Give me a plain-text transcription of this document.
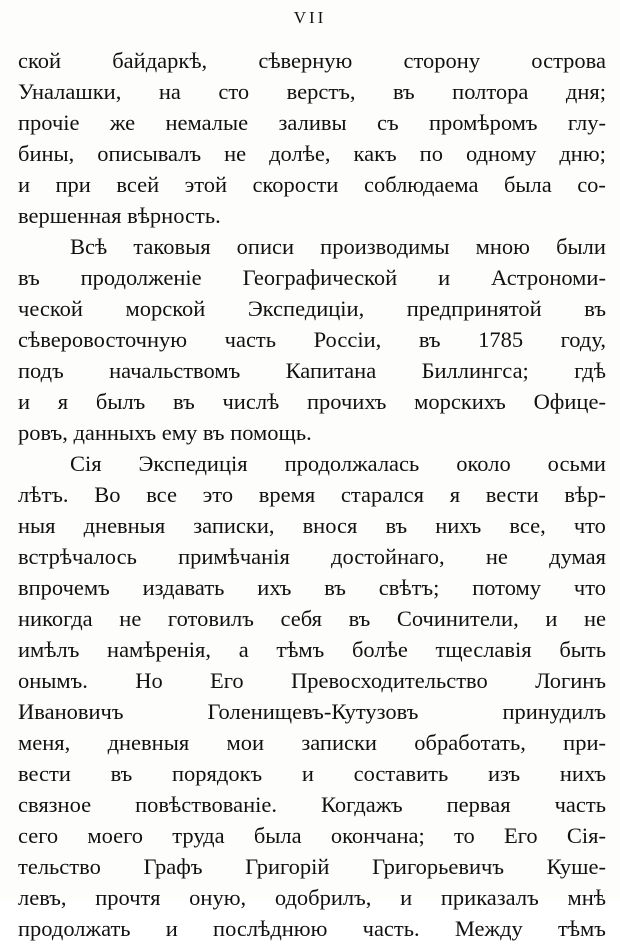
VII
ской байдаркѣ, сѣверную сторону острова
Уналашки, на сто верстъ, въ полтора дня;
прочiе же немалые заливы съ промѣромъ глу-
бины, описывалъ не долѣе, какъ по одному дню;
и при всей этой скорости соблюдаема была со-
вершенная
вѣрность.

Всѣ таковыя описи производимы мною были
въ продолженiе Географической и Астрономи-
ческой морской Экспедицiи, предпринятой въ
сѣверовосточную часть Россiи, въ 1785 году,
подъ начальствомъ Капитана Биллингса; гдѣ
и я былъ въ числѣ прочихъ морскихъ Офице-
ровъ,
данныхъ
ему
въ
помощь.

Сiя Экспедицiя продолжалась около осьми
лѣтъ. Во все это время старался я вести вѣр-
ныя дневныя записки, внося въ нихъ все, что
встрѣчалось примѣчанiя достойнаго, не думая
впрочемъ издавать ихъ въ свѣтъ; потому что
никогда не готовилъ себя въ Сочинители, и не
имѣлъ намѣренiя, а тѣмъ болѣе тщеславiя быть
онымъ. Но Его Превосходительство Логинъ
Ивановичъ	Голенищевъ-Кутузовъ	принудилъ
меня, дневныя мои записки обработать, при-
вести въ порядокъ и составить изъ нихъ
связное повѣствованiе. Когдажъ первая часть
сего моего труда была окончана; то Его Сiя-
тельство Графъ Григорiй Григорьевичъ Куше-
левъ, прочтя оную, одобрилъ, и приказалъ мнѣ
продолжать и послѣднюю часть. Между тѣмъ
